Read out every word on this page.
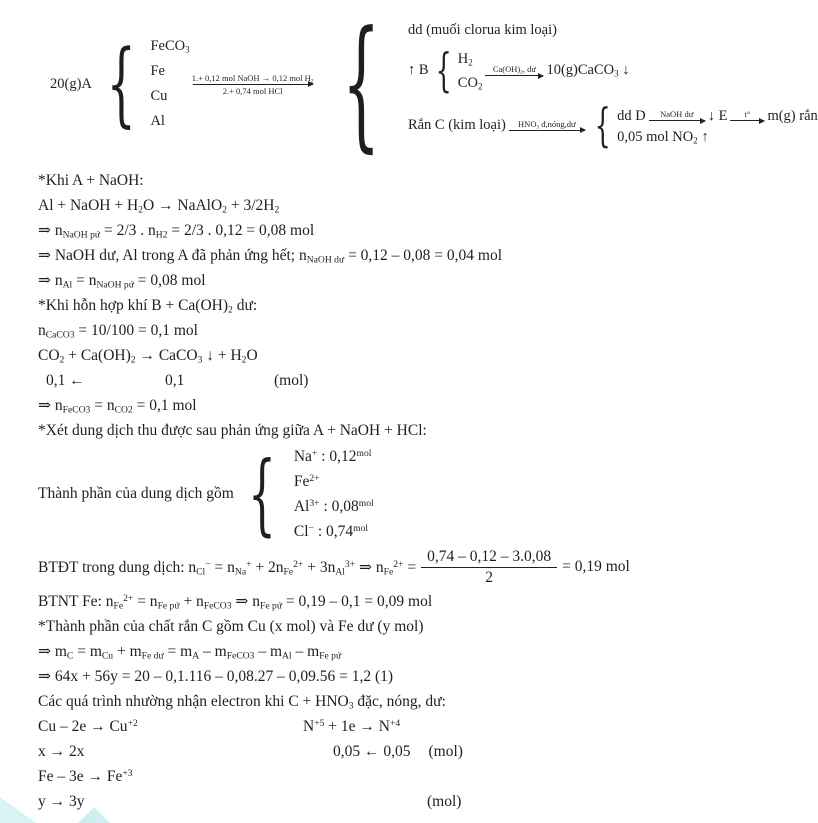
20(g)A
{
FeCO$_3$
Fe
Cu
Al
1.+ 0,12 mol NaOH → 0,12 mol $H_2$
2.+ 0,74 mol HCl
{
dd (muối clorua kim loại)
↑ B
{
$H_2$
$CO_2$
$Ca(OH)_2$, dư 10(g)CaCO$_3$ ↓
Rắn C (kim loại) $HNO_3$ đ,nóng,dư {	dd D NaOH dư ↓ E t° m(g) rắn
0,05 mol $NO_2$ ↑
*Khi A + NaOH:
Al + NaOH + $H_2O$ → NaAlO$_2$ + $3/2H_2$
⇒ $n_{NaOH pứ} = 2/3$ . $n_{H2} = 2/3$ . 0,12 = 0,08 mol
⇒ NaOH dư, Al trong A đã phản ứng hết; $n_{NaOH dư} = 0,12 - 0,08 = 0,04$ mol
⇒ $n_{Al} = n_{NaOH pứ} = 0,08$ mol
*Khi hỗn hợp khí $B + Ca(OH)_2$ dư:
$n_{CaCO3} = 10/100 = 0,1$ mol
$CO_2 + Ca(OH)_2$ → CaCO$_3$ ↓ + $H_2O$
0,1 ←	0,1	(mol)
⇒ $n_{FeCO3} = n_{CO2} = 0,1$ mol
*Xét dung dịch thu được sau phản ứng giữa A + NaOH + HCl:
Thành phần của dung dịch gồm
{
Na+ : $0,12^{mol}$
$Fe^{2+}$
$Al^{3+}$ : $0,08^{mol}$
Cl− : $0,74^{mol}$
BTĐT trong dung dịch: $n_{Cl}^- = n_{Na}^+ + 2n_{Fe}^{2+} + 3n_{Al}^{3+}$ ⇒ $n_{Fe}^{2+} = \frac{0,74 - 0,12 - 3.0,08}{2} = 0,19$ mol
BTNT Fe: $n_{Fe}^{2+} = n_{Fe pứ} + n_{FeCO3}$ ⇒ $n_{Fe pứ} = 0,19 - 0,1 = 0,09$ mol
*Thành phần của chất rắn C gồm Cu (x mol) và Fe dư (y mol)
⇒ $m_C = m_{Cu} + m_{Fe dư} = m_A - m_{FeCO3} - m_{Al} - m_{Fe pứ}$
⇒ 64x + 56y = 20 – 0,1.116 – 0,08.27 – 0,09.56 = 1,2 (1)
Các quá trình nhường nhận electron khi $C + HNO_3$ đặc, nóng, dư:
$Cu - 2e \to Cu^{+2}$	$N^{+5} + 1e \to N^{+4}$
x → 2x	0,05 ← 0,05 (mol)
$Fe - 3e \to Fe^{+3}$
y → 3y	(mol)
